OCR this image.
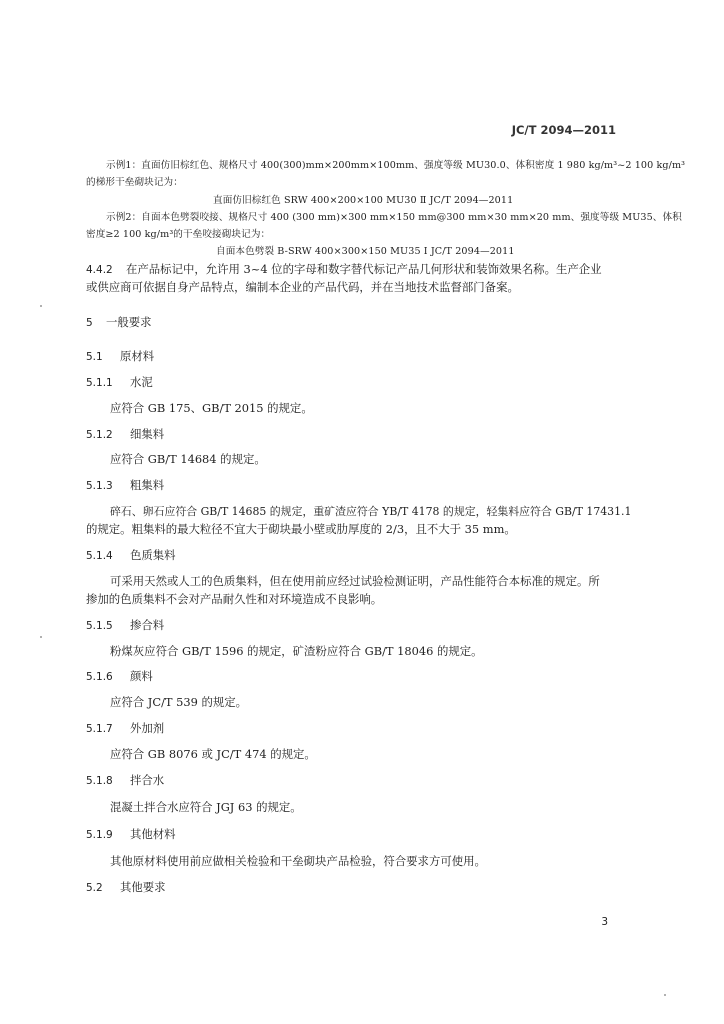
JC/T 2094—2011
示例1：直面仿旧棕红色、规格尺寸 400(300)mm×200mm×100mm、强度等级 MU30.0、体积密度 1 980 kg/m³~2 100 kg/m³
的梯形干垒砌块记为：
直面仿旧棕红色 SRW 400×200×100 MU30 Ⅱ JC/T 2094—2011
示例2：自面本色劈裂咬接、规格尺寸 400 (300 mm)×300 mm×150 mm@300 mm×30 mm×20 mm、强度等级 MU35、体积
密度≥2 100 kg/m³的干垒咬接砌块记为：
自面本色劈裂 B-SRW 400×300×150 MU35 Ⅰ JC/T 2094—2011
4.4.2 在产品标记中，允许用 3~4 位的字母和数字替代标记产品几何形状和装饰效果名称。生产企业
或供应商可依据自身产品特点，编制本企业的产品代码，并在当地技术监督部门备案。
5 一般要求
5.1 原材料
5.1.1 水泥
应符合 GB 175、GB/T 2015 的规定。
5.1.2 细集料
应符合 GB/T 14684 的规定。
5.1.3 粗集料
碎石、卵石应符合 GB/T 14685 的规定，重矿渣应符合 YB/T 4178 的规定，轻集料应符合 GB/T 17431.1
的规定。粗集料的最大粒径不宜大于砌块最小壁或肋厚度的 2/3，且不大于 35 mm。
5.1.4 色质集料
可采用天然或人工的色质集料，但在使用前应经过试验检测证明，产品性能符合本标准的规定。所
掺加的色质集料不会对产品耐久性和对环境造成不良影响。
5.1.5 掺合料
粉煤灰应符合 GB/T 1596 的规定，矿渣粉应符合 GB/T 18046 的规定。
5.1.6 颜料
应符合 JC/T 539 的规定。
5.1.7 外加剂
应符合 GB 8076 或 JC/T 474 的规定。
5.1.8 拌合水
混凝土拌合水应符合 JGJ 63 的规定。
5.1.9 其他材料
其他原材料使用前应做相关检验和干垒砌块产品检验，符合要求方可使用。
5.2 其他要求
3
